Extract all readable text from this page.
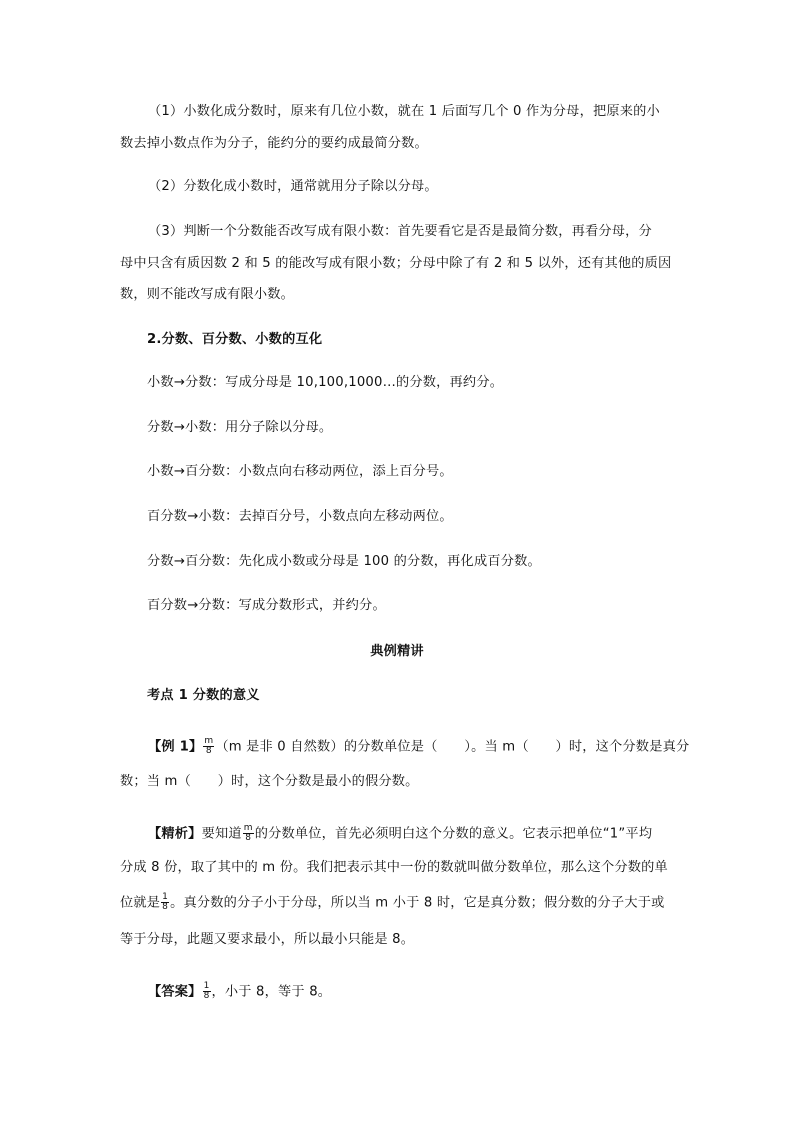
（1）小数化成分数时，原来有几位小数，就在 1 后面写几个 0 作为分母，把原来的小
数去掉小数点作为分子，能约分的要约成最简分数。
（2）分数化成小数时，通常就用分子除以分母。
（3）判断一个分数能否改写成有限小数：首先要看它是否是最简分数，再看分母，分
母中只含有质因数 2 和 5 的能改写成有限小数；分母中除了有 2 和 5 以外，还有其他的质因
数，则不能改写成有限小数。
2.分数、百分数、小数的互化
小数→分数：写成分母是 10,100,1000…的分数，再约分。
分数→小数：用分子除以分母。
小数→百分数：小数点向右移动两位，添上百分号。
百分数→小数：去掉百分号，小数点向左移动两位。
分数→百分数：先化成小数或分母是 100 的分数，再化成百分数。
百分数→分数：写成分数形式，并约分。
典例精讲
考点 1 分数的意义
【例 1】 $\frac{m}{8} (m$ 是非 0 自然数）的分数单位是（　　）。当 m（　　）时，这个分数是真分
数；当 m（　　）时，这个分数是最小的假分数。
【精析】要知道 $\frac{m}{8}$ 的分数单位，首先必须明白这个分数的意义。它表示把单位“1”平均
分成 8 份，取了其中的 m 份。我们把表示其中一份的数就叫做分数单位，那么这个分数的单
位就是 $\frac{1}{8}$ 。真分数的分子小于分母，所以当 m 小于 8 时，它是真分数；假分数的分子大于或
等于分母，此题又要求最小，所以最小只能是 8。
【答案】 $\frac{1}{8}$ ，小于 8，等于 8。
